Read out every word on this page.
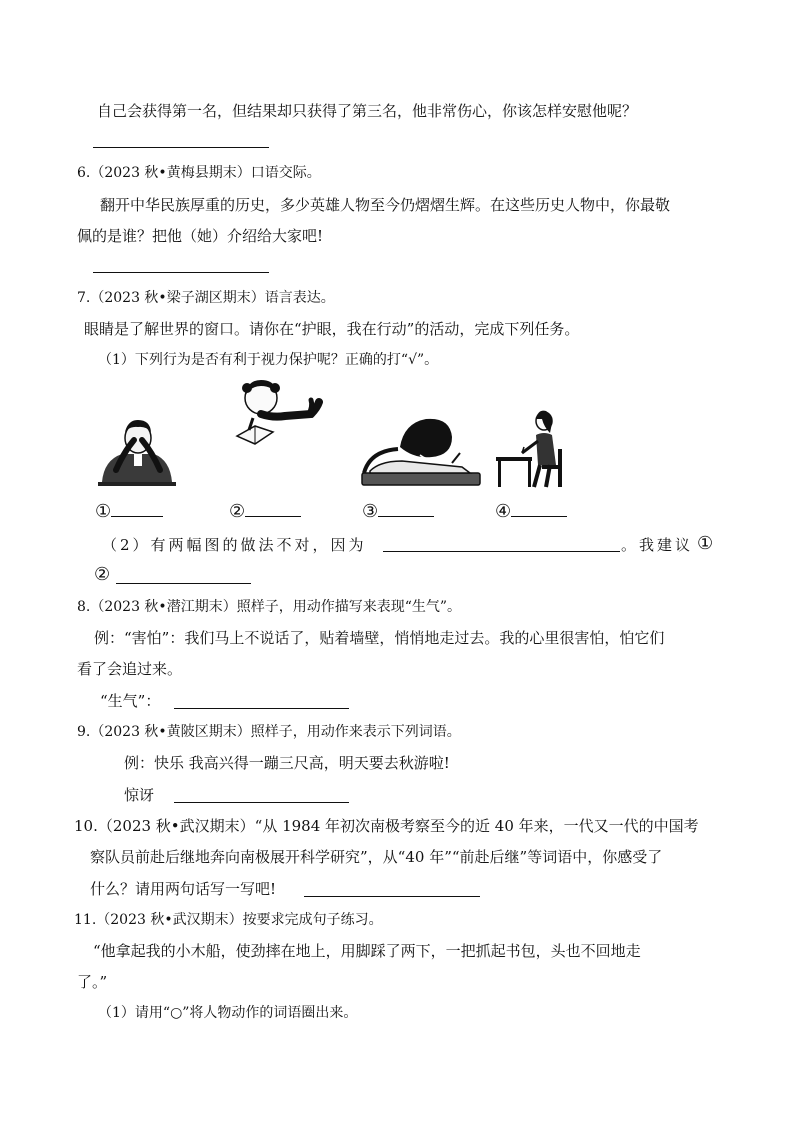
自己会获得第一名，但结果却只获得了第三名，他非常伤心，你该怎样安慰他呢？
6.（2023 秋•黄梅县期末）口语交际。
翻开中华民族厚重的历史，多少英雄人物至今仍熠熠生辉。在这些历史人物中，你最敬
佩的是谁？把他（她）介绍给大家吧!
7.（2023 秋•梁子湖区期末）语言表达。
眼睛是了解世界的窗口。请你在“护眼，我在行动”的活动，完成下列任务。
（1）下列行为是否有利于视力保护呢？正确的打“√”。
①	②	③	④
（2）有两幅图的做法不对，因为	。我建议 ①
②
8.（2023 秋•潜江期末）照样子，用动作描写来表现“生气”。
例：“害怕”：我们马上不说话了，贴着墙壁，悄悄地走过去。我的心里很害怕，怕它们
看了会追过来。
“生气”：
9.（2023 秋•黄陂区期末）照样子，用动作来表示下列词语。
例：快乐 我高兴得一蹦三尺高，明天要去秋游啦!
惊讶
10.（2023 秋•武汉期末）“从 1984 年初次南极考察至今的近 40 年来，一代又一代的中国考
察队员前赴后继地奔向南极展开科学研究”，从“40 年”“前赴后继”等词语中，你感受了
什么？请用两句话写一写吧!
11.（2023 秋•武汉期末）按要求完成句子练习。
“他拿起我的小木船，使劲摔在地上，用脚踩了两下，一把抓起书包，头也不回地走
了。”
（1）请用“○”将人物动作的词语圈出来。
